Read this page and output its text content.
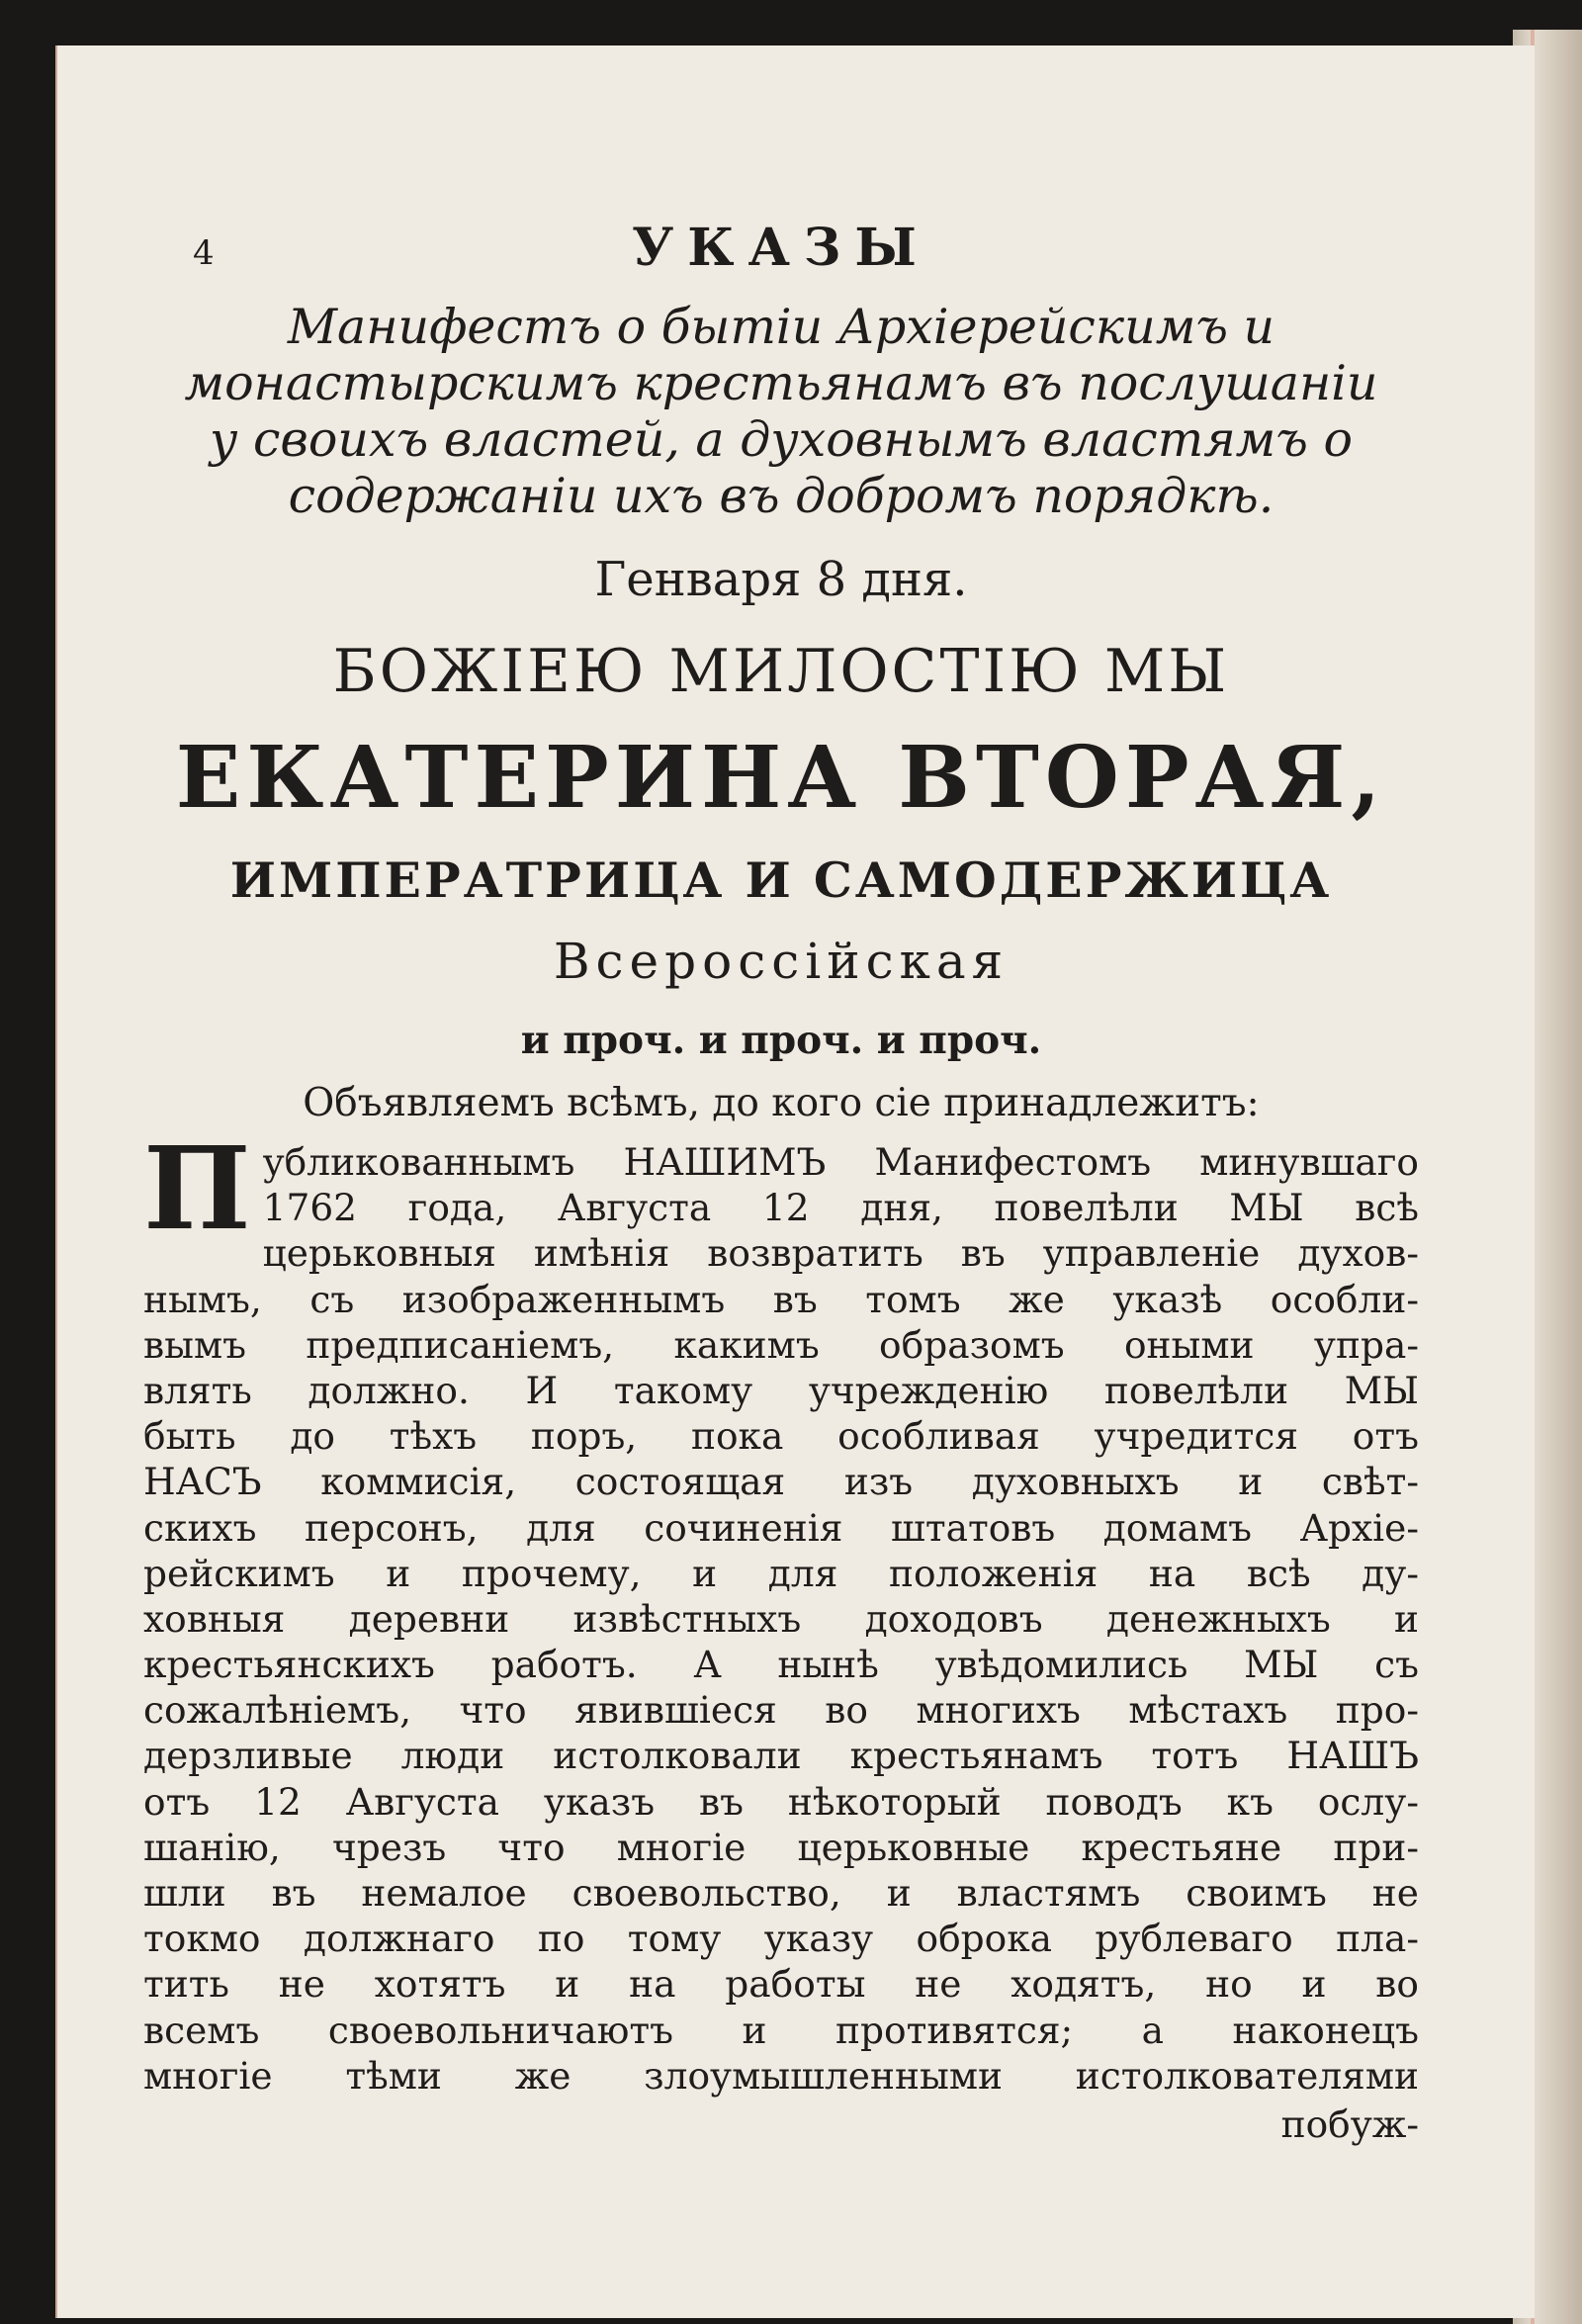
4	УКАЗЫ
Манифестъ о бытіи Архіерейскимъ и монастырскимъ крестьянамъ въ послушаніи у своихъ властей, а духовнымъ властямъ о содержаніи ихъ въ добромъ порядкѣ.
Генваря 8 дня.
БОЖІЕЮ МИЛОСТІЮ МЫ
ЕКАТЕРИНА ВТОРАЯ,
ИМПЕРАТРИЦА И САМОДЕРЖИЦА
Всероссійская
и проч. и проч. и проч.
Объявляемъ всѣмъ, до кого сіе принадлежитъ:
П убликованнымъ НАШИМЪ Манифестомъ минувшаго
1762 года, Августа 12 дня, повелѣли МЫ всѣ
церьковныя имѣнія возвратить въ управленіе духов-
нымъ, съ изображеннымъ въ томъ же указѣ особли-
вымъ предписаніемъ, какимъ образомъ оными упра-
влять должно. И такому учрежденію повелѣли МЫ
быть до тѣхъ поръ, пока особливая учредится отъ
НАСЪ коммисія, состоящая изъ духовныхъ и свѣт-
скихъ персонъ, для сочиненія штатовъ домамъ Архіе-
рейскимъ и прочему, и для положенія на всѣ ду-
ховныя деревни извѣстныхъ доходовъ денежныхъ и
крестьянскихъ работъ. А нынѣ увѣдомились МЫ съ
сожалѣніемъ, что явившіеся во многихъ мѣстахъ про-
дерзливые люди истолковали крестьянамъ тотъ НАШЪ
отъ 12 Августа указъ въ нѣкоторый поводъ къ ослу-
шанію, чрезъ что многіе церьковные крестьяне при-
шли въ немалое своевольство, и властямъ своимъ не
токмо должнаго по тому указу оброка рублеваго пла-
тить не хотятъ и на работы не ходятъ, но и во
всемъ своевольничаютъ и противятся; а наконецъ
многіе тѣми же злоумышленными истолкователями
побуж-
